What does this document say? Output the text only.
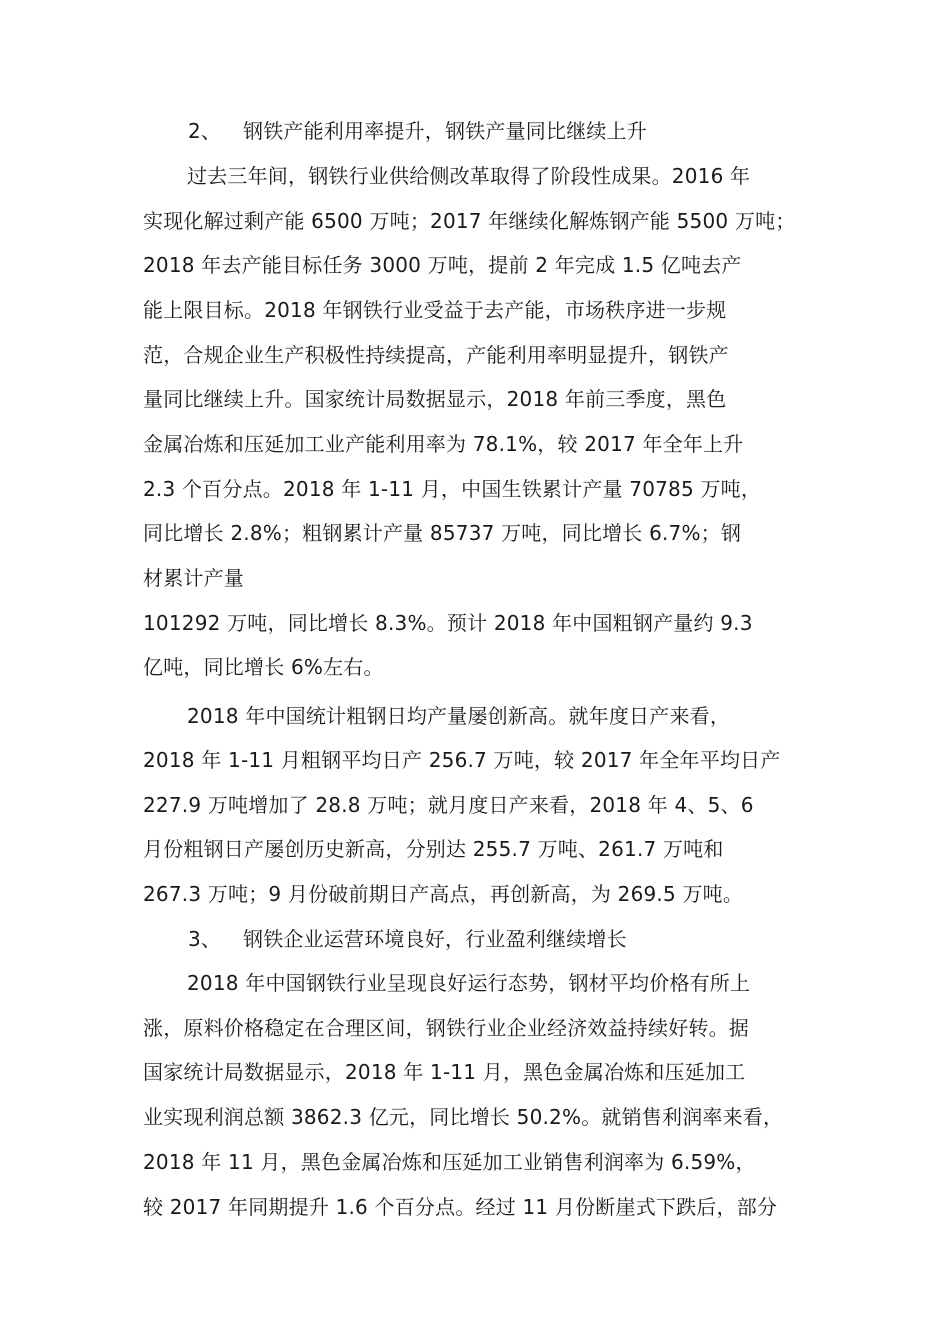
2、 钢铁产能利用率提升，钢铁产量同比继续上升
过去三年间，钢铁行业供给侧改革取得了阶段性成果。2016 年
实现化解过剩产能 6500 万吨；2017 年继续化解炼钢产能 5500 万吨；
2018 年去产能目标任务 3000 万吨，提前 2 年完成 1.5 亿吨去产
能上限目标。2018 年钢铁行业受益于去产能，市场秩序进一步规
范，合规企业生产积极性持续提高，产能利用率明显提升，钢铁产
量同比继续上升。国家统计局数据显示，2018 年前三季度，黑色
金属冶炼和压延加工业产能利用率为 78.1%，较 2017 年全年上升
2.3 个百分点。2018 年 1-11 月，中国生铁累计产量 70785 万吨，
同比增长 2.8%；粗钢累计产量 85737 万吨，同比增长 6.7%；钢
材累计产量
101292 万吨，同比增长 8.3%。预计 2018 年中国粗钢产量约 9.3
亿吨，同比增长 6%左右。
2018 年中国统计粗钢日均产量屡创新高。就年度日产来看，
2018 年 1-11 月粗钢平均日产 256.7 万吨，较 2017 年全年平均日产
227.9 万吨增加了 28.8 万吨；就月度日产来看，2018 年 4、5、6
月份粗钢日产屡创历史新高，分别达 255.7 万吨、261.7 万吨和
267.3 万吨；9 月份破前期日产高点，再创新高，为 269.5 万吨。
3、 钢铁企业运营环境良好，行业盈利继续增长
2018 年中国钢铁行业呈现良好运行态势，钢材平均价格有所上
涨，原料价格稳定在合理区间，钢铁行业企业经济效益持续好转。据
国家统计局数据显示，2018 年 1-11 月，黑色金属冶炼和压延加工
业实现利润总额 3862.3 亿元，同比增长 50.2%。就销售利润率来看，
2018 年 11 月，黑色金属冶炼和压延加工业销售利润率为 6.59%，
较 2017 年同期提升 1.6 个百分点。经过 11 月份断崖式下跌后，部分
